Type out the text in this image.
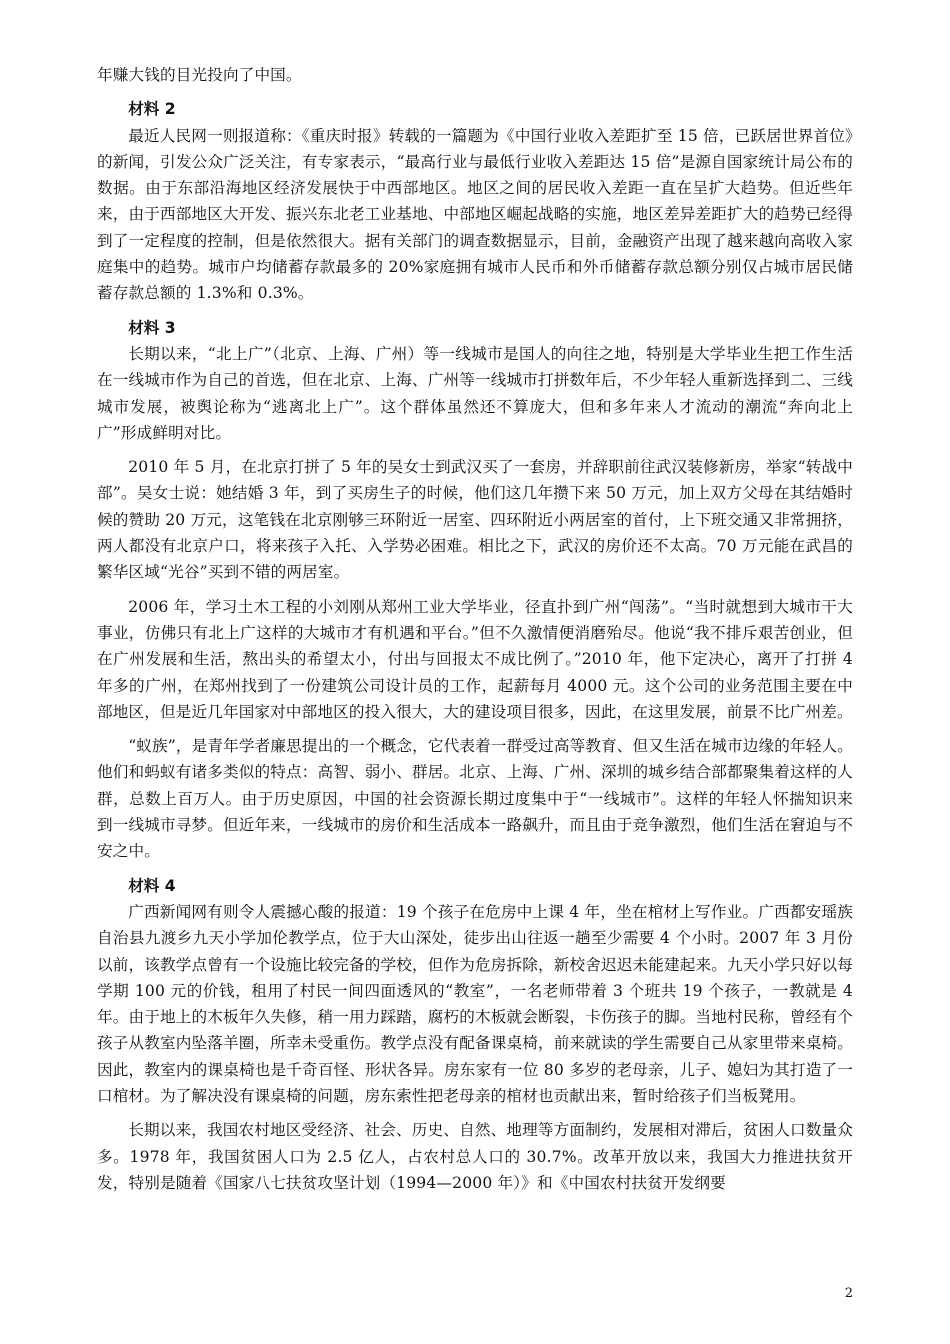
年赚大钱的目光投向了中国。

材料 2

最近人民网一则报道称：《重庆时报》转载的一篇题为《中国行业收入差距扩至 15 倍，已跃居世界首位》的新闻，引发公众广泛关注，有专家表示，“最高行业与最低行业收入差距达 15 倍”是源自国家统计局公布的数据。由于东部沿海地区经济发展快于中西部地区。地区之间的居民收入差距一直在呈扩大趋势。但近些年来，由于西部地区大开发、振兴东北老工业基地、中部地区崛起战略的实施，地区差异差距扩大的趋势已经得到了一定程度的控制，但是依然很大。据有关部门的调查数据显示，目前，金融资产出现了越来越向高收入家庭集中的趋势。城市户均储蓄存款最多的 20%家庭拥有城市人民币和外币储蓄存款总额分别仅占城市居民储蓄存款总额的 1.3%和 0.3%。

材料 3

长期以来，“北上广”（北京、上海、广州）等一线城市是国人的向往之地，特别是大学毕业生把工作生活在一线城市作为自己的首选，但在北京、上海、广州等一线城市打拼数年后，不少年轻人重新选择到二、三线城市发展，被舆论称为“逃离北上广”。这个群体虽然还不算庞大，但和多年来人才流动的潮流“奔向北上广”形成鲜明对比。

2010 年 5 月，在北京打拼了 5 年的吴女士到武汉买了一套房，并辞职前往武汉装修新房，举家“转战中部”。吴女士说：她结婚 3 年，到了买房生子的时候，他们这几年攒下来 50 万元，加上双方父母在其结婚时候的赞助 20 万元，这笔钱在北京刚够三环附近一居室、四环附近小两居室的首付，上下班交通又非常拥挤，两人都没有北京户口，将来孩子入托、入学势必困难。相比之下，武汉的房价还不太高。70 万元能在武昌的繁华区域“光谷”买到不错的两居室。

2006 年，学习土木工程的小刘刚从郑州工业大学毕业，径直扑到广州“闯荡”。“当时就想到大城市干大事业，仿佛只有北上广这样的大城市才有机遇和平台。”但不久激情便消磨殆尽。他说“我不排斥艰苦创业，但在广州发展和生活，熬出头的希望太小，付出与回报太不成比例了。”2010 年，他下定决心，离开了打拼 4 年多的广州，在郑州找到了一份建筑公司设计员的工作，起薪每月 4000 元。这个公司的业务范围主要在中部地区，但是近几年国家对中部地区的投入很大，大的建设项目很多，因此，在这里发展，前景不比广州差。

“蚁族”，是青年学者廉思提出的一个概念，它代表着一群受过高等教育、但又生活在城市边缘的年轻人。他们和蚂蚁有诸多类似的特点：高智、弱小、群居。北京、上海、广州、深圳的城乡结合部都聚集着这样的人群，总数上百万人。由于历史原因，中国的社会资源长期过度集中于“一线城市”。这样的年轻人怀揣知识来到一线城市寻梦。但近年来，一线城市的房价和生活成本一路飙升，而且由于竞争激烈，他们生活在窘迫与不安之中。

材料 4

广西新闻网有则令人震撼心酸的报道：19 个孩子在危房中上课 4 年，坐在棺材上写作业。广西都安瑶族自治县九渡乡九天小学加伦教学点，位于大山深处，徒步出山往返一趟至少需要 4 个小时。2007 年 3 月份以前，该教学点曾有一个设施比较完备的学校，但作为危房拆除，新校舍迟迟未能建起来。九天小学只好以每学期 100 元的价钱，租用了村民一间四面透风的“教室”，一名老师带着 3 个班共 19 个孩子，一教就是 4 年。由于地上的木板年久失修，稍一用力踩踏，腐朽的木板就会断裂，卡伤孩子的脚。当地村民称，曾经有个孩子从教室内坠落羊圈，所幸未受重伤。教学点没有配备课桌椅，前来就读的学生需要自己从家里带来桌椅。因此，教室内的课桌椅也是千奇百怪、形状各异。房东家有一位 80 多岁的老母亲，儿子、媳妇为其打造了一口棺材。为了解决没有课桌椅的问题，房东索性把老母亲的棺材也贡献出来，暂时给孩子们当板凳用。

长期以来，我国农村地区受经济、社会、历史、自然、地理等方面制约，发展相对滞后，贫困人口数量众多。1978 年，我国贫困人口为 2.5 亿人，占农村总人口的 30.7%。改革开放以来，我国大力推进扶贫开发，特别是随着《国家八七扶贫攻坚计划（1994—2000 年）》和《中国农村扶贫开发纲要

2
